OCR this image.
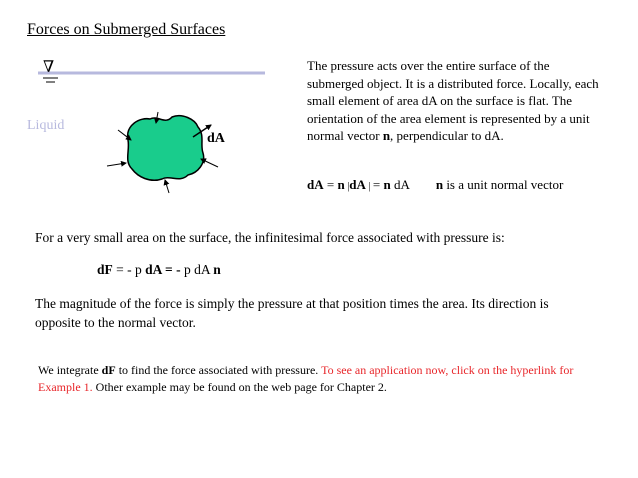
Forces on Submerged Surfaces
∇
Liquid
dA

The pressure acts over the entire surface of the submerged object. It is a distributed force. Locally, each small element of area dA on the surface is flat. The orientation of the area element is represented by a unit normal vector n, perpendicular to dA.

dA = n |dA | = n dA n is a unit normal vector
For a very small area on the surface, the infinitesimal force associated with pressure is:
dF = - p dA = - p dA n
The magnitude of the force is simply the pressure at that position times the area. Its direction is opposite to the normal vector.
We integrate dF to find the force associated with pressure. To see an application now, click on the hyperlink for Example 1. Other example may be found on the web page for Chapter 2.
